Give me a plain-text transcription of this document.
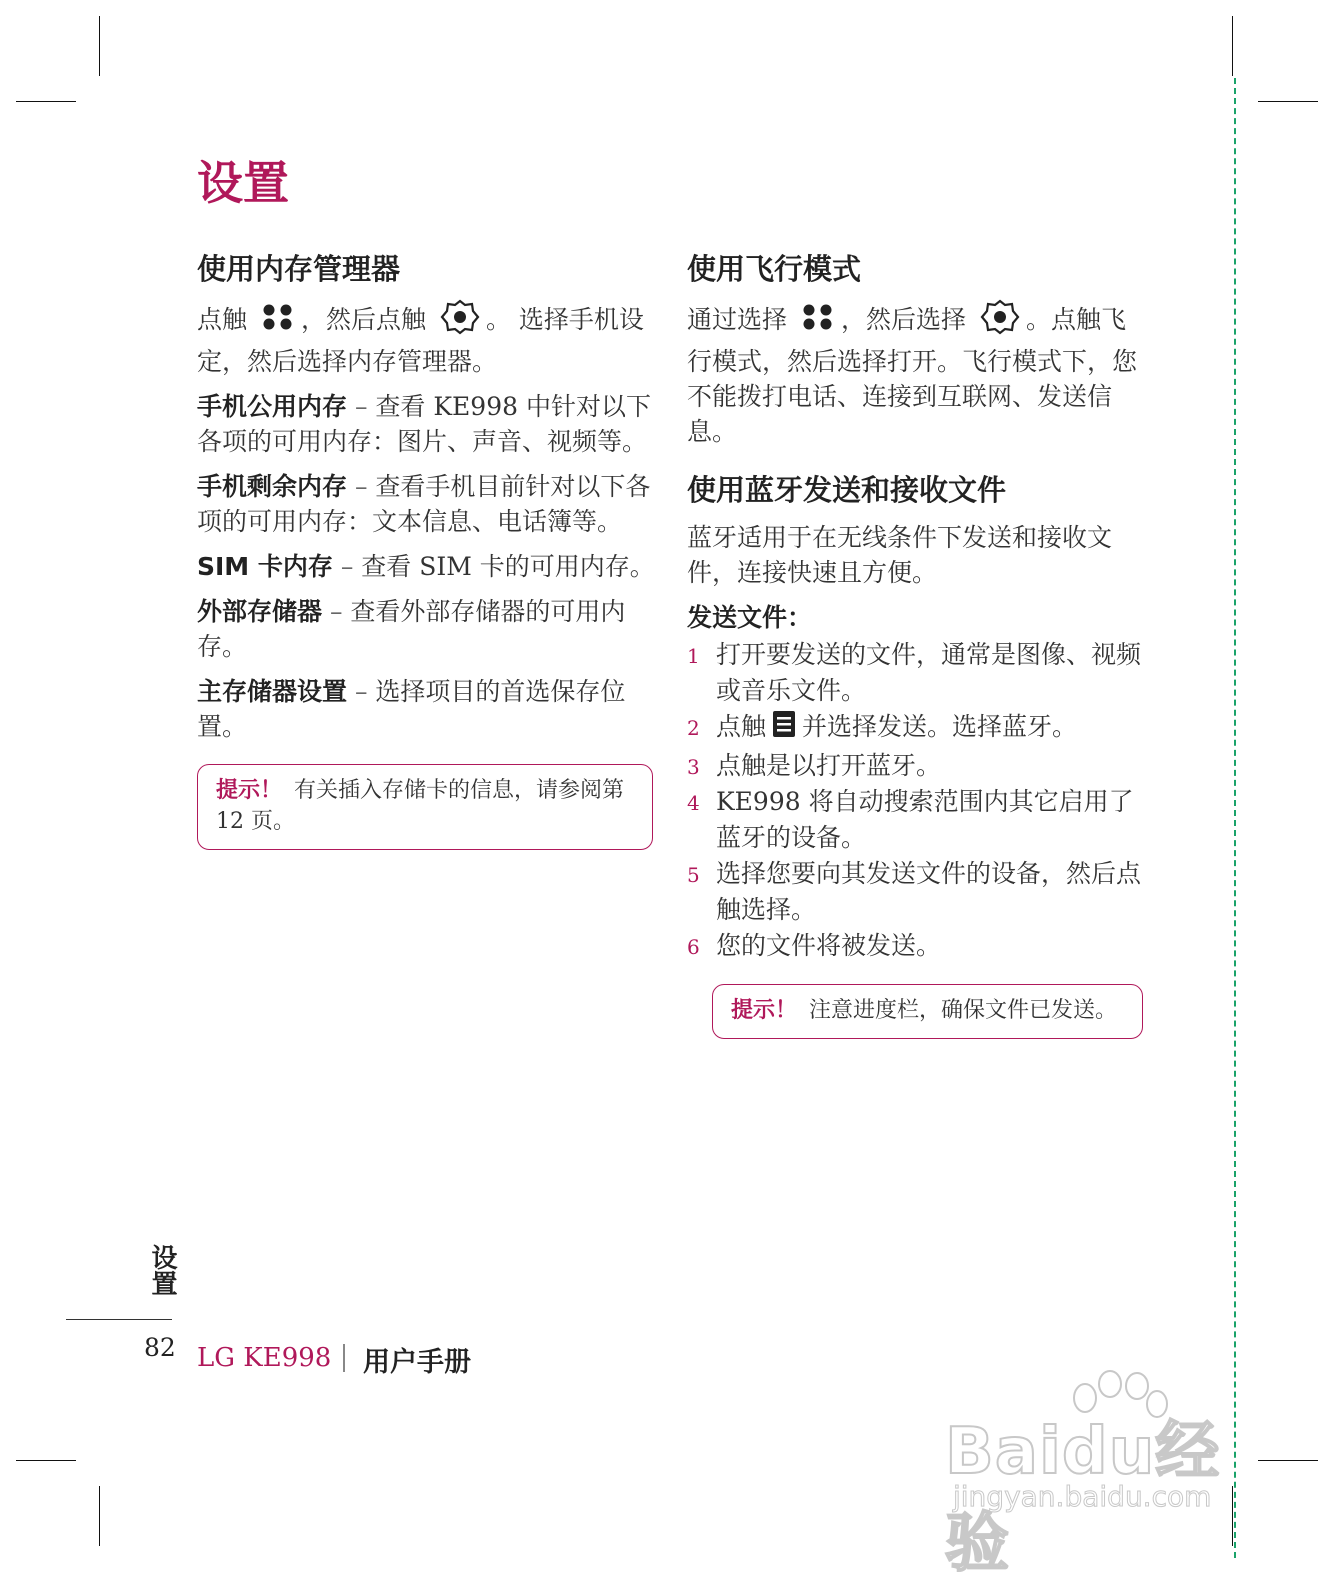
设置
使用内存管理器

点触 ，然后点触 。 选择手机设定，然后选择内存管理器。

手机公用内存 – 查看 KE998 中针对以下各项的可用内存：图片、声音、视频等。

手机剩余内存 – 查看手机目前针对以下各项的可用内存：文本信息、电话簿等。

SIM 卡内存 – 查看 SIM 卡的可用内存。

外部存储器 – 查看外部存储器的可用内存。

主存储器设置 – 选择项目的首选保存位置。

提示！ 有关插入存储卡的信息，请参阅第 12 页。
使用飞行模式

通过选择 ，然后选择 。点触飞行模式，然后选择打开。飞行模式下，您不能拨打电话、连接到互联网、发送信息。

使用蓝牙发送和接收文件

蓝牙适用于在无线条件下发送和接收文件，连接快速且方便。

发送文件：
1 打开要发送的文件，通常是图像、视频或音乐文件。
2 点触 并选择发送。选择蓝牙。
3 点触是以打开蓝牙。
4 KE998 将自动搜索范围内其它启用了蓝牙的设备。
5 选择您要向其发送文件的设备，然后点触选择。
6 您的文件将被发送。
提示！ 注意进度栏，确保文件已发送。
设置
82 LG KE998 用户手册
Baidu经验
jingyan.baidu.com
